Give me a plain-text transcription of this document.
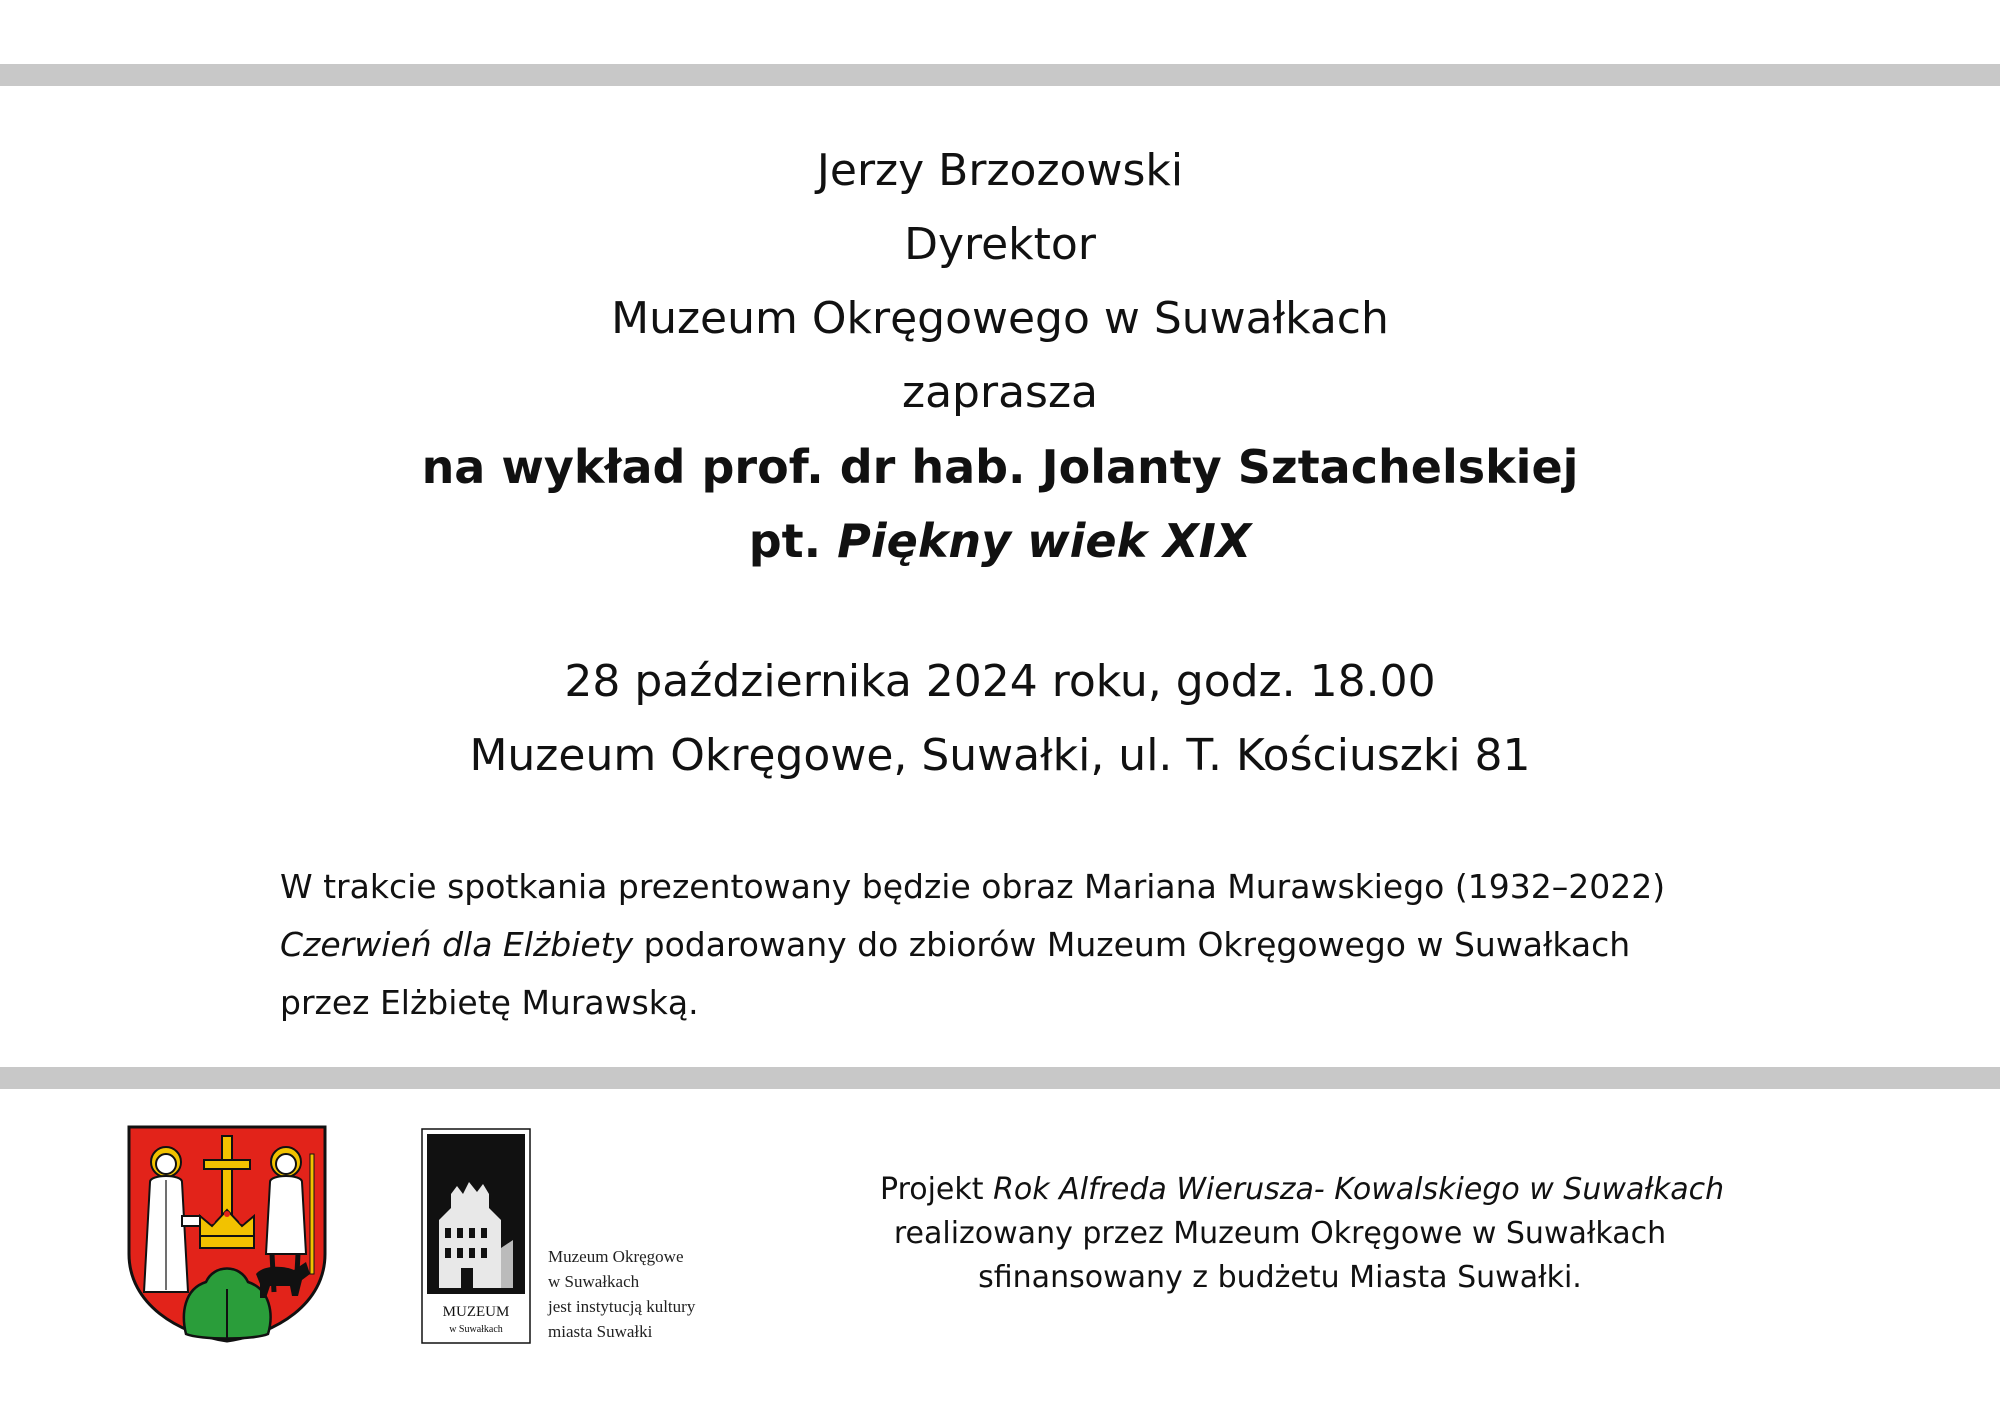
Jerzy Brzozowski
Dyrektor
Muzeum Okręgowego w Suwałkach
zaprasza
na wykład prof. dr hab. Jolanty Sztachelskiej
pt. Piękny wiek XIX
28 października 2024 roku, godz. 18.00
Muzeum Okręgowe, Suwałki, ul. T. Kościuszki 81
W trakcie spotkania prezentowany będzie obraz Mariana Murawskiego (1932–2022)
Czerwień dla Elżbiety podarowany do zbiorów Muzeum Okręgowego w Suwałkach
przez Elżbietę Murawską.
MUZEUM
w Suwałkach
Muzeum Okręgowe
w Suwałkach
jest instytucją kultury
miasta Suwałki
Projekt Rok Alfreda Wierusza- Kowalskiego w Suwałkach
realizowany przez Muzeum Okręgowe w Suwałkach
sfinansowany z budżetu Miasta Suwałki.
